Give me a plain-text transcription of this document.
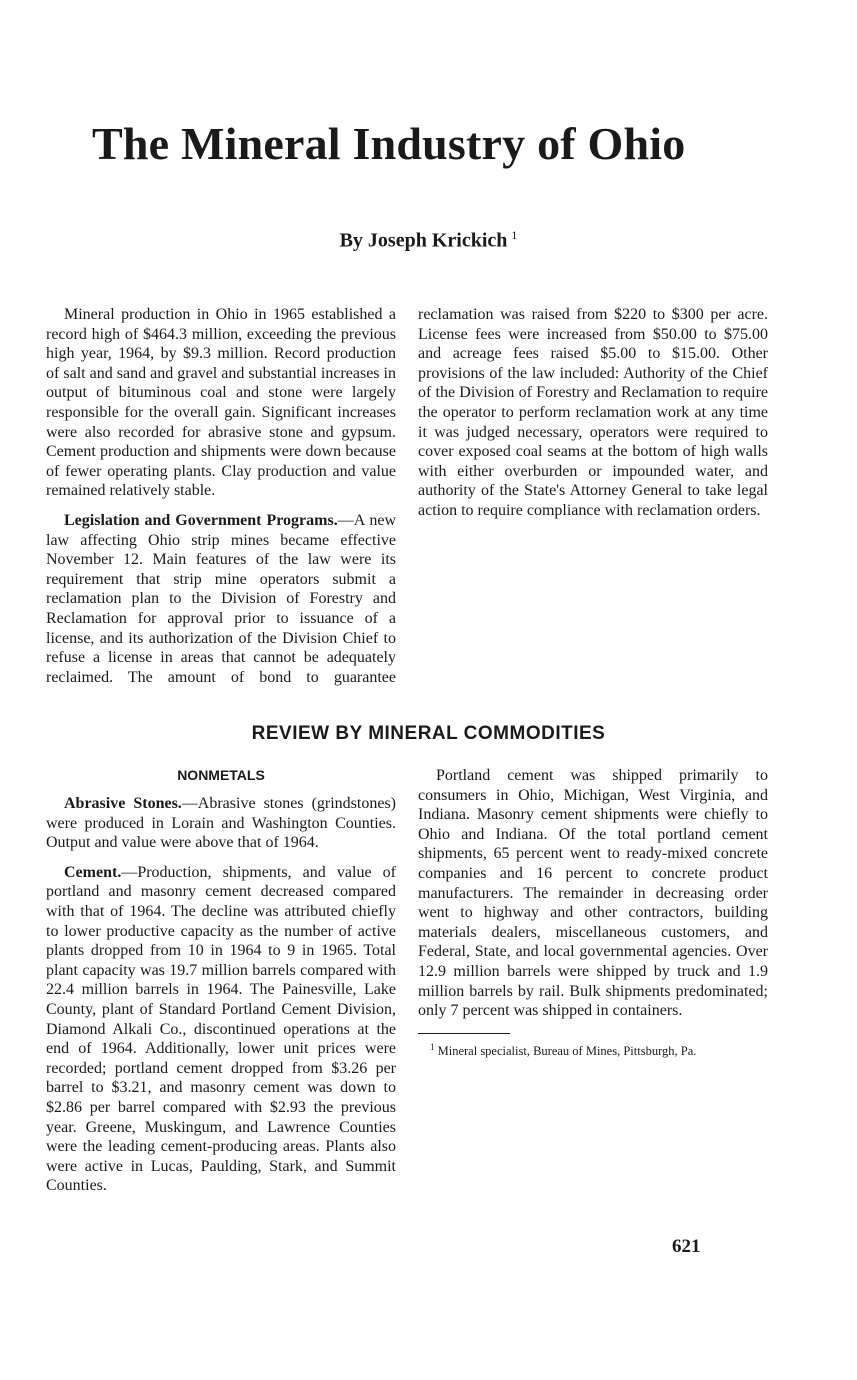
The Mineral Industry of Ohio
By Joseph Krickich $^1$

Mineral production in Ohio in 1965 established a record high of $464.3 million, exceeding the previous high year, 1964, by $9.3 million. Record production of salt and sand and gravel and substantial increases in output of bituminous coal and stone were largely responsible for the overall gain. Significant increases were also recorded for abrasive stone and gypsum. Cement production and shipments were down because of fewer operating plants. Clay production and value remained relatively stable.

Legislation and Government Programs.—A new law affecting Ohio strip mines became effective November 12. Main features of the law were its requirement that strip mine operators submit a reclamation plan to the Division of Forestry and Reclamation for approval prior to issuance of a license, and its authorization of the Division Chief to refuse a license in areas that cannot be adequately reclaimed. The amount of bond to guarantee reclamation was raised from $220 to $300 per acre. License fees were increased from $50.00 to $75.00 and acreage fees raised $5.00 to $15.00. Other provisions of the law included: Authority of the Chief of the Division of Forestry and Reclamation to require the operator to perform reclamation work at any time it was judged necessary, operators were required to cover exposed coal seams at the bottom of high walls with either overburden or impounded water, and authority of the State's Attorney General to take legal action to require compliance with reclamation orders.

REVIEW BY MINERAL COMMODITIES
NONMETALS

Abrasive Stones.—Abrasive stones (grindstones) were produced in Lorain and Washington Counties. Output and value were above that of 1964.

Cement.—Production, shipments, and value of portland and masonry cement decreased compared with that of 1964. The decline was attributed chiefly to lower productive capacity as the number of active plants dropped from 10 in 1964 to 9 in 1965. Total plant capacity was 19.7 million barrels compared with 22.4 million barrels in 1964. The Painesville, Lake County, plant of Standard Portland Cement Division, Diamond Alkali Co., discontinued operations at the end of 1964. Additionally, lower unit prices were recorded; portland cement dropped from $3.26 per barrel to $3.21, and masonry cement was down to $2.86 per barrel compared with $2.93 the previous year. Greene, Muskingum, and Lawrence Counties were the leading cement-producing areas. Plants also were active in Lucas, Paulding, Stark, and Summit Counties.

Portland cement was shipped primarily to consumers in Ohio, Michigan, West Virginia, and Indiana. Masonry cement shipments were chiefly to Ohio and Indiana. Of the total portland cement shipments, 65 percent went to ready-mixed concrete companies and 16 percent to concrete product manufacturers. The remainder in decreasing order went to highway and other contractors, building materials dealers, miscellaneous customers, and Federal, State, and local governmental agencies. Over 12.9 million barrels were shipped by truck and 1.9 million barrels by rail. Bulk shipments predominated; only 7 percent was shipped in containers.

$^1$ Mineral specialist, Bureau of Mines, Pittsburgh, Pa.
621
